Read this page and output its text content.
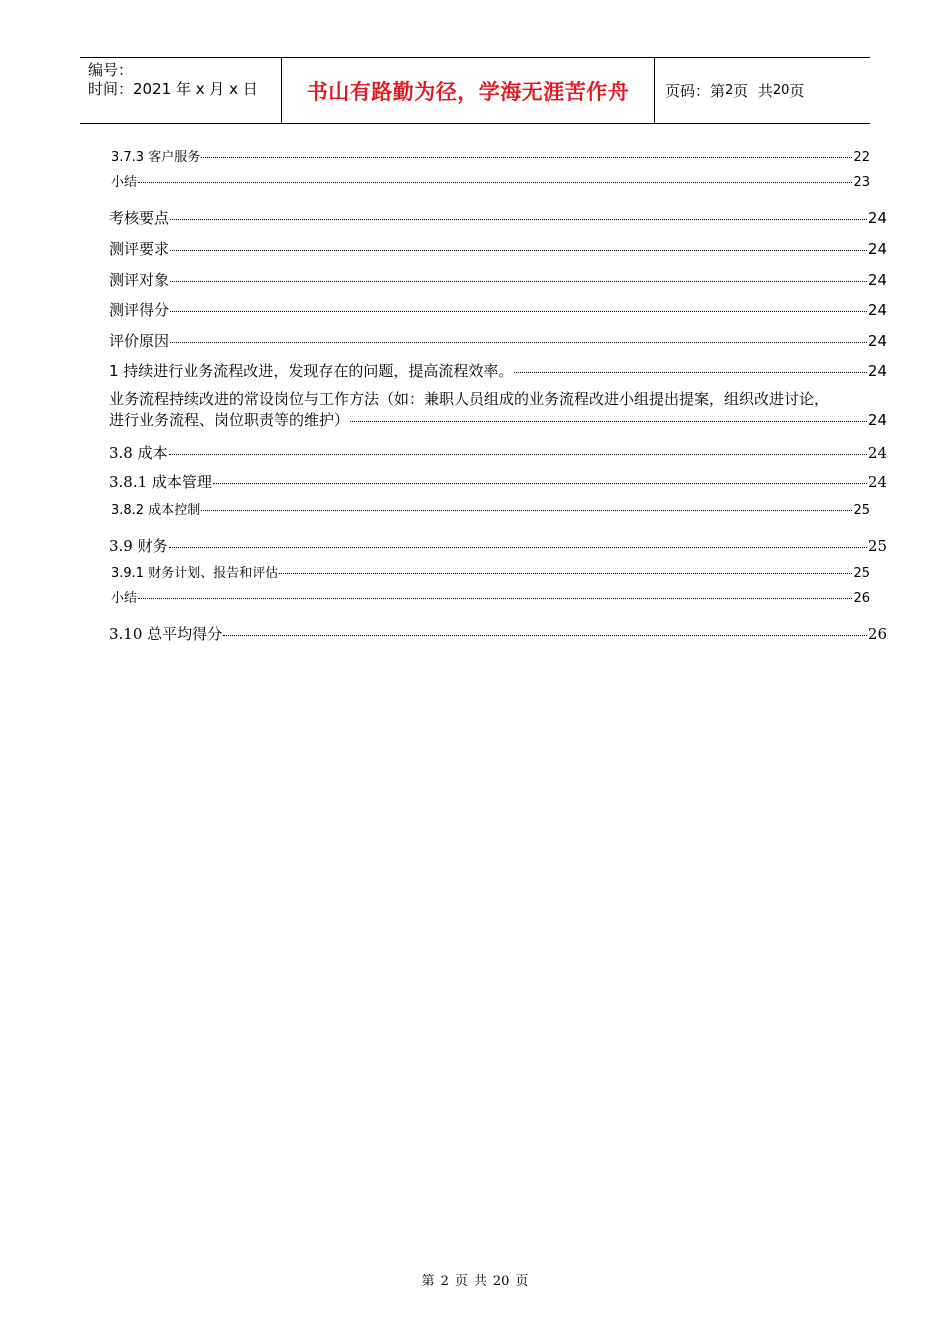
编号：
时间：2021 年 x 月 x 日	书山有路勤为径，学海无涯苦作舟	页码：第 2 页  共 20 页
3.7.3 客户服务	22
小结	23
考核要点	24
测评要求	24
测评对象	24
测评得分	24
评价原因	24
1 持续进行业务流程改进，发现存在的问题，提高流程效率。	24
业务流程持续改进的常设岗位与工作方法（如：兼职人员组成的业务流程改进小组提出提案，组织改进讨论，
进行业务流程、岗位职责等的维护）	24
3.8 成本	24
3.8.1 成本管理	24
3.8.2 成本控制	25
3.9 财务	25
3.9.1 财务计划、报告和评估	25
小结	26
3.10 总平均得分	26
第 2 页 共 20 页
